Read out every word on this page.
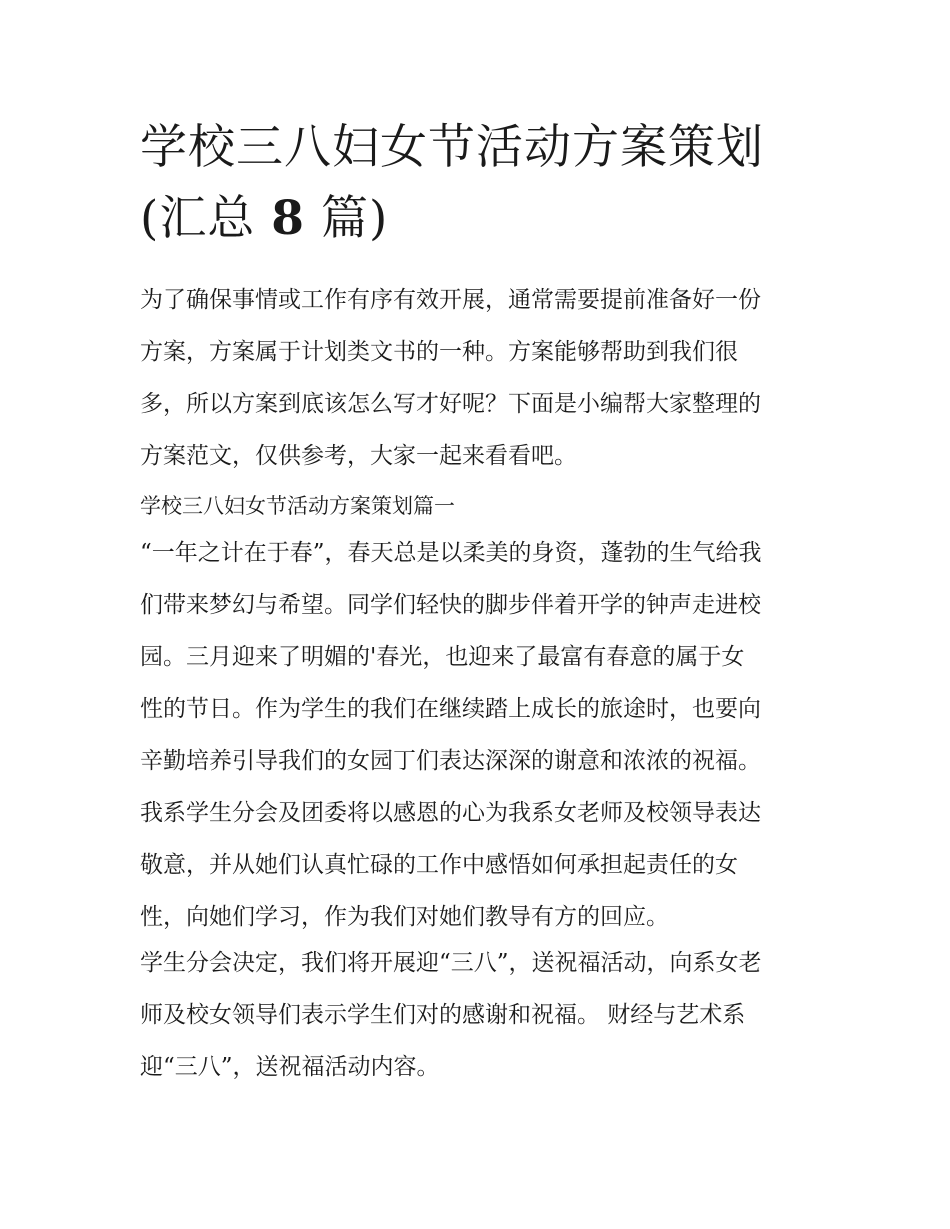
学校三八妇女节活动方案策划
(汇总 8 篇)

为了确保事情或工作有序有效开展，通常需要提前准备好一份

方案，方案属于计划类文书的一种。方案能够帮助到我们很

多，所以方案到底该怎么写才好呢？下面是小编帮大家整理的

方案范文，仅供参考，大家一起来看看吧。

学校三八妇女节活动方案策划篇一

“一年之计在于春”，春天总是以柔美的身资，蓬勃的生气给我

们带来梦幻与希望。同学们轻快的脚步伴着开学的钟声走进校

园。三月迎来了明媚的'春光，也迎来了最富有春意的属于女

性的节日。作为学生的我们在继续踏上成长的旅途时，也要向

辛勤培养引导我们的女园丁们表达深深的谢意和浓浓的祝福。

我系学生分会及团委将以感恩的心为我系女老师及校领导表达

敬意，并从她们认真忙碌的工作中感悟如何承担起责任的女

性，向她们学习，作为我们对她们教导有方的回应。

学生分会决定，我们将开展迎“三八”，送祝福活动，向系女老

师及校女领导们表示学生们对的感谢和祝福。 财经与艺术系

迎“三八”，送祝福活动内容。
